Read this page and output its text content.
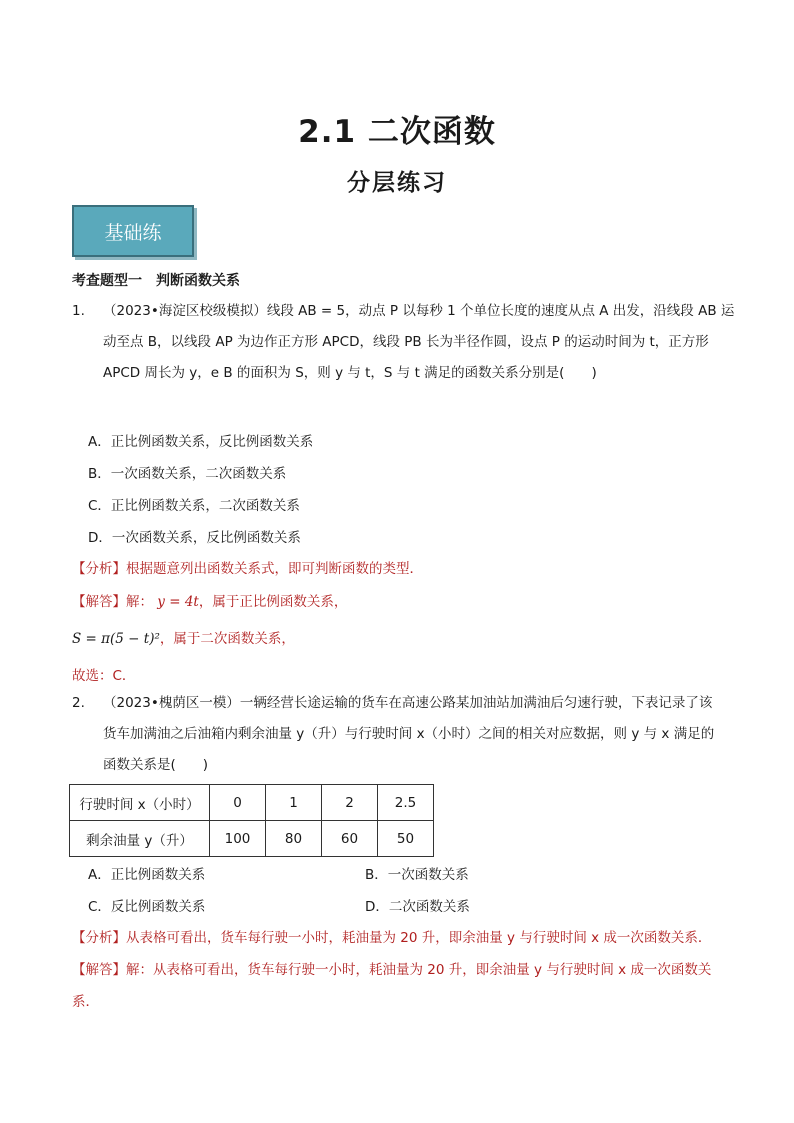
2.1 二次函数
分层练习
基础练
考查题型一　判断函数关系
1. （2023•海淀区校级模拟）线段 AB = 5，动点 P 以每秒 1 个单位长度的速度从点 A 出发，沿线段 AB 运
动至点 B，以线段 AP 为边作正方形 APCD，线段 PB 长为半径作圆，设点 P 的运动时间为 t，正方形
APCD 周长为 y，e B 的面积为 S，则 y 与 t，S 与 t 满足的函数关系分别是(　　)
A．正比例函数关系，反比例函数关系
B．一次函数关系，二次函数关系
C．正比例函数关系，二次函数关系
D．一次函数关系，反比例函数关系
【分析】根据题意列出函数关系式，即可判断函数的类型．
【解答】解： y = 4t，属于正比例函数关系，
S = π(5 − t)²，属于二次函数关系，
故选：C．
2. （2023•槐荫区一模）一辆经营长途运输的货车在高速公路某加油站加满油后匀速行驶，下表记录了该
货车加满油之后油箱内剩余油量 y（升）与行驶时间 x（小时）之间的相关对应数据，则 y 与 x 满足的
函数关系是(　　)
行驶时间 x（小时）	0	1	2	2.5
剩余油量 y（升）	100	80	60	50
A．正比例函数关系	B．一次函数关系
C．反比例函数关系	D．二次函数关系
【分析】从表格可看出，货车每行驶一小时，耗油量为 20 升，即余油量 y 与行驶时间 x 成一次函数关系．
【解答】解：从表格可看出，货车每行驶一小时，耗油量为 20 升，即余油量 y 与行驶时间 x 成一次函数关
系．
